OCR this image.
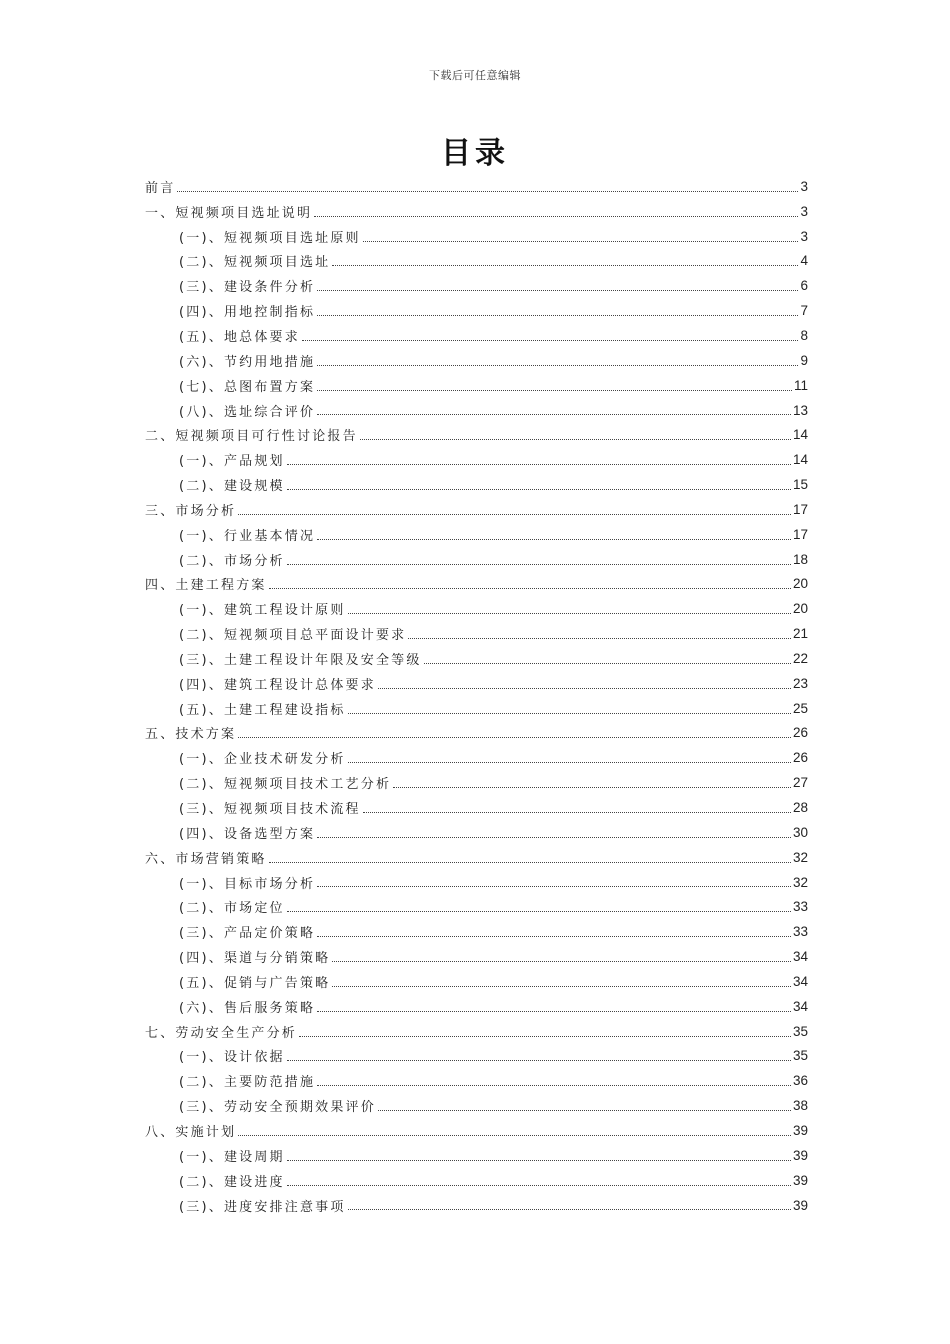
下载后可任意编辑
目录
前言	3
一、短视频项目选址说明	3
(一)、短视频项目选址原则	3
(二)、短视频项目选址	4
(三)、建设条件分析	6
(四)、用地控制指标	7
(五)、地总体要求	8
(六)、节约用地措施	9
(七)、总图布置方案	11
(八)、选址综合评价	13
二、短视频项目可行性讨论报告	14
(一)、产品规划	14
(二)、建设规模	15
三、市场分析	17
(一)、行业基本情况	17
(二)、市场分析	18
四、土建工程方案	20
(一)、建筑工程设计原则	20
(二)、短视频项目总平面设计要求	21
(三)、土建工程设计年限及安全等级	22
(四)、建筑工程设计总体要求	23
(五)、土建工程建设指标	25
五、技术方案	26
(一)、企业技术研发分析	26
(二)、短视频项目技术工艺分析	27
(三)、短视频项目技术流程	28
(四)、设备选型方案	30
六、市场营销策略	32
(一)、目标市场分析	32
(二)、市场定位	33
(三)、产品定价策略	33
(四)、渠道与分销策略	34
(五)、促销与广告策略	34
(六)、售后服务策略	34
七、劳动安全生产分析	35
(一)、设计依据	35
(二)、主要防范措施	36
(三)、劳动安全预期效果评价	38
八、实施计划	39
(一)、建设周期	39
(二)、建设进度	39
(三)、进度安排注意事项	39
